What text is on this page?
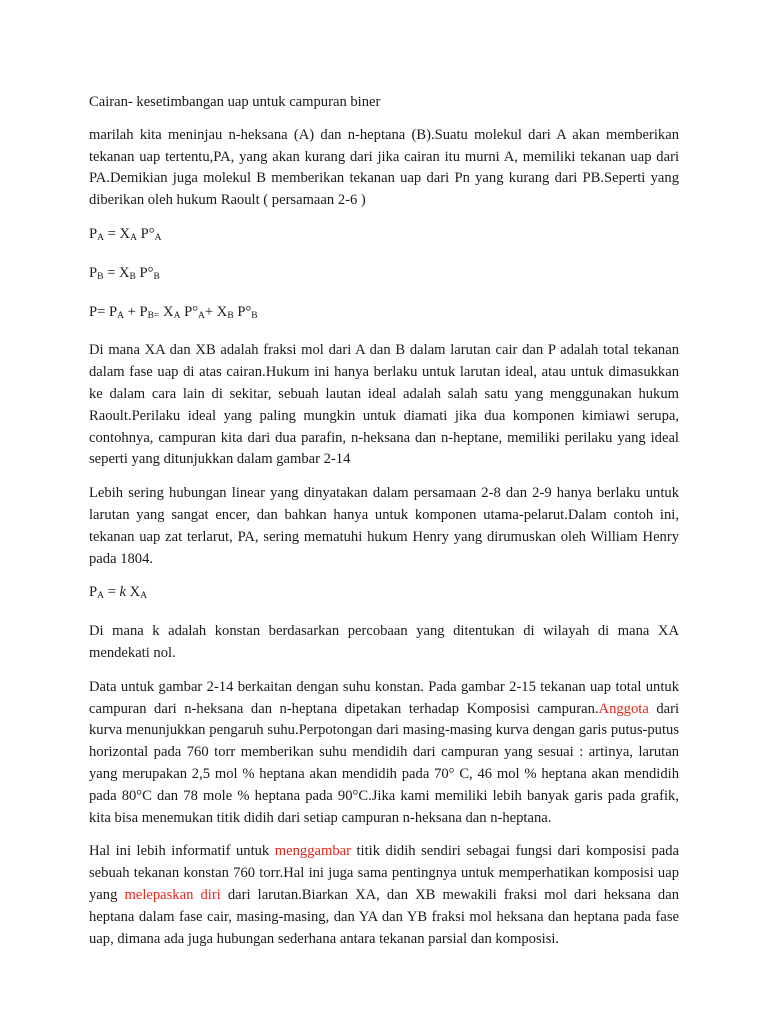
Cairan- kesetimbangan uap untuk campuran biner

marilah kita meninjau n-heksana (A) dan n-heptana (B).Suatu molekul dari A akan memberikan tekanan uap tertentu,PA, yang akan kurang dari jika cairan itu murni A, memiliki tekanan uap dari PA.Demikian juga molekul B memberikan tekanan uap dari Pn yang kurang dari PB.Seperti yang diberikan oleh hukum Raoult ( persamaan 2-6 )

$P_A = X_A$ $P^\circ_A$

$P_B = X_B$ $P^\circ_B$

$P= P_A + P_{B=}$ $X_A$ $P^\circ_A+ X_B$ $P^\circ_B$

Di mana XA dan XB adalah fraksi mol dari A dan B dalam larutan cair dan P adalah total tekanan dalam fase uap di atas cairan.Hukum ini hanya berlaku untuk larutan ideal, atau untuk dimasukkan ke dalam cara lain di sekitar, sebuah lautan ideal adalah salah satu yang menggunakan hukum Raoult.Perilaku ideal yang paling mungkin untuk diamati jika dua komponen kimiawi serupa, contohnya, campuran kita dari dua parafin, n-heksana dan n-heptane, memiliki perilaku yang ideal seperti yang ditunjukkan dalam gambar 2-14

Lebih sering hubungan linear yang dinyatakan dalam persamaan 2-8 dan 2-9 hanya berlaku untuk larutan yang sangat encer, dan bahkan hanya untuk komponen utama-pelarut.Dalam contoh ini, tekanan uap zat terlarut, PA, sering mematuhi hukum Henry yang dirumuskan oleh William Henry pada 1804.

$P_A = k$ $X_A$

Di mana k adalah konstan berdasarkan percobaan yang ditentukan di wilayah di mana XA mendekati nol.

Data untuk gambar 2-14 berkaitan dengan suhu konstan. Pada gambar 2-15 tekanan uap total untuk campuran dari n-heksana dan n-heptana dipetakan terhadap Komposisi campuran.Anggota dari kurva menunjukkan pengaruh suhu.Perpotongan dari masing-masing kurva dengan garis putus-putus horizontal pada 760 torr memberikan suhu mendidih dari campuran yang sesuai : artinya, larutan yang merupakan 2,5 mol % heptana akan mendidih pada 70° C, 46 mol % heptana akan mendidih pada 80°C dan 78 mole % heptana pada 90°C.Jika kami memiliki lebih banyak garis pada grafik, kita bisa menemukan titik didih dari setiap campuran n-heksana dan n-heptana.

Hal ini lebih informatif untuk menggambar titik didih sendiri sebagai fungsi dari komposisi pada sebuah tekanan konstan 760 torr.Hal ini juga sama pentingnya untuk memperhatikan komposisi uap yang melepaskan diri dari larutan.Biarkan XA, dan XB mewakili fraksi mol dari heksana dan heptana dalam fase cair, masing-masing, dan YA dan YB fraksi mol heksana dan heptana pada fase uap, dimana ada juga hubungan sederhana antara tekanan parsial dan komposisi.
